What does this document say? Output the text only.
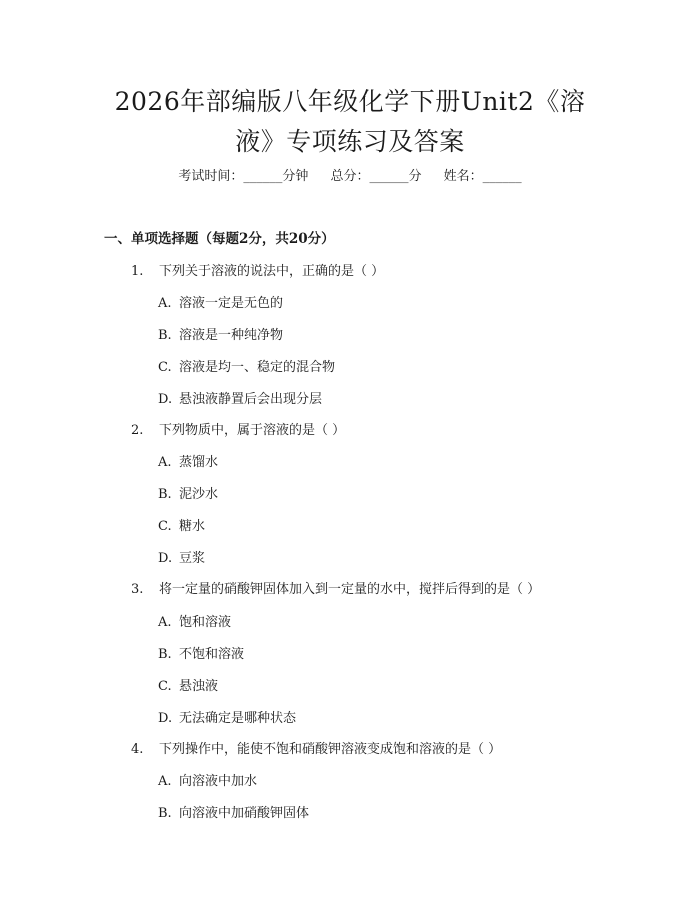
2026年部编版八年级化学下册Unit2《溶
液》专项练习及答案
考试时间：______分钟 总分：______分 姓名：______
一、单项选择题（每题2分，共20分）
1. 下列关于溶液的说法中，正确的是（ ）
A. 溶液一定是无色的
B. 溶液是一种纯净物
C. 溶液是均一、稳定的混合物
D. 悬浊液静置后会出现分层
2. 下列物质中，属于溶液的是（ ）
A. 蒸馏水
B. 泥沙水
C. 糖水
D. 豆浆
3. 将一定量的硝酸钾固体加入到一定量的水中，搅拌后得到的是（ ）
A. 饱和溶液
B. 不饱和溶液
C. 悬浊液
D. 无法确定是哪种状态
4. 下列操作中，能使不饱和硝酸钾溶液变成饱和溶液的是（ ）
A. 向溶液中加水
B. 向溶液中加硝酸钾固体
